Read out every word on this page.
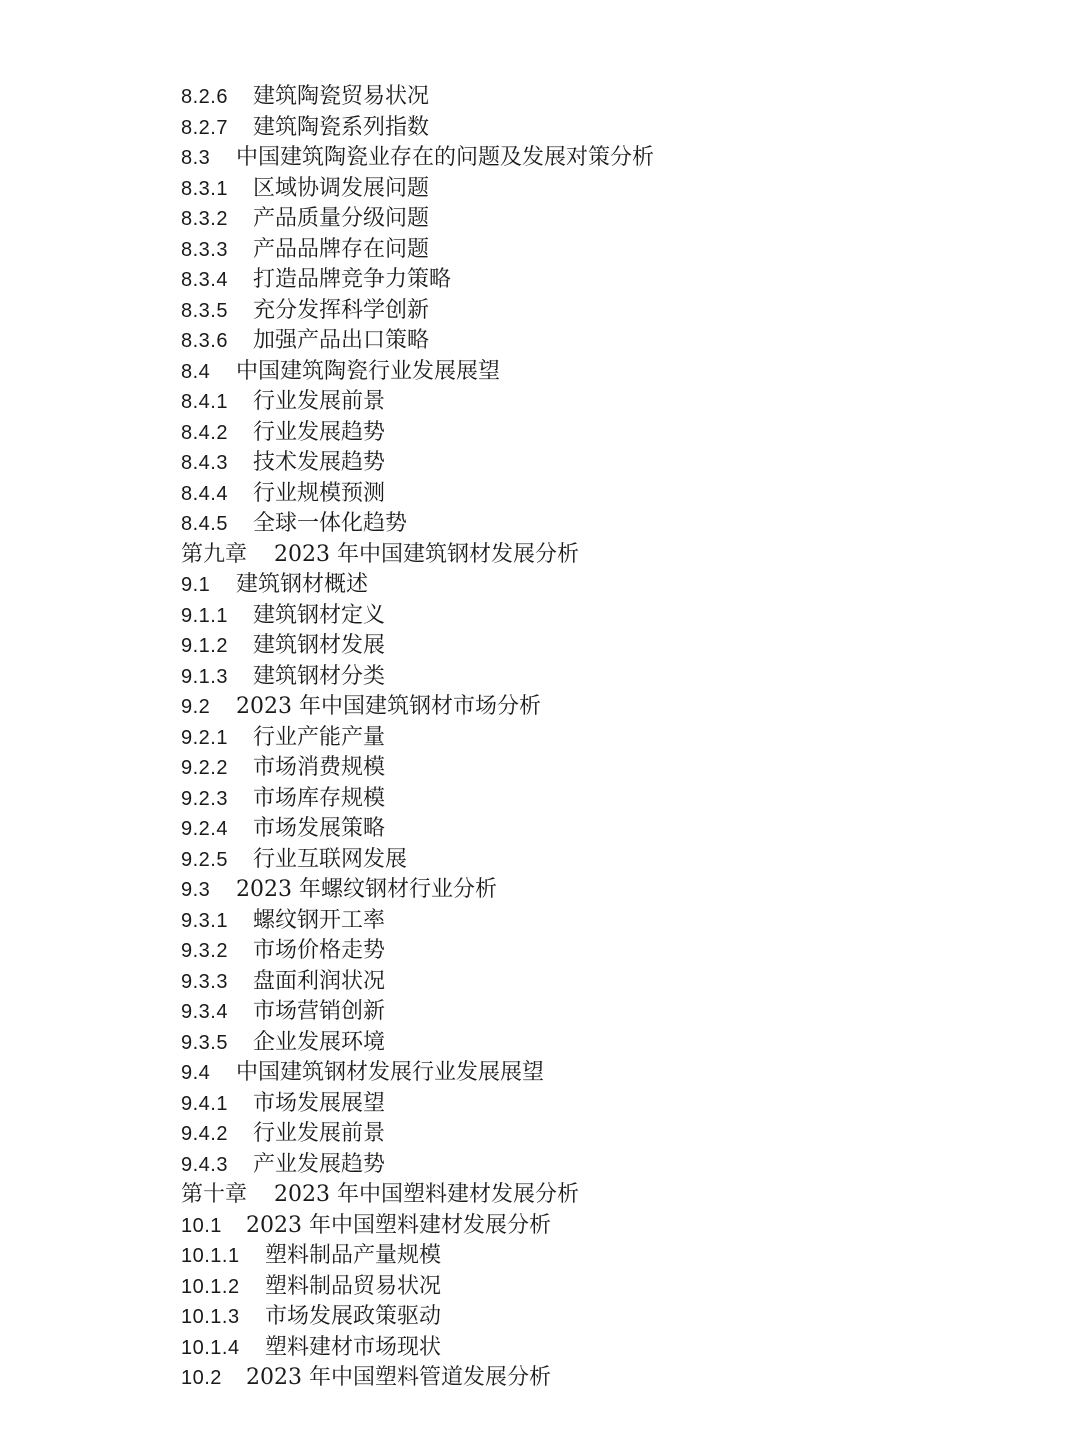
8.2.6 建筑陶瓷贸易状况
8.2.7 建筑陶瓷系列指数
8.3 中国建筑陶瓷业存在的问题及发展对策分析
8.3.1 区域协调发展问题
8.3.2 产品质量分级问题
8.3.3 产品品牌存在问题
8.3.4 打造品牌竞争力策略
8.3.5 充分发挥科学创新
8.3.6 加强产品出口策略
8.4 中国建筑陶瓷行业发展展望
8.4.1 行业发展前景
8.4.2 行业发展趋势
8.4.3 技术发展趋势
8.4.4 行业规模预测
8.4.5 全球一体化趋势
第九章 2023 年中国建筑钢材发展分析
9.1 建筑钢材概述
9.1.1 建筑钢材定义
9.1.2 建筑钢材发展
9.1.3 建筑钢材分类
9.2 2023 年中国建筑钢材市场分析
9.2.1 行业产能产量
9.2.2 市场消费规模
9.2.3 市场库存规模
9.2.4 市场发展策略
9.2.5 行业互联网发展
9.3 2023 年螺纹钢材行业分析
9.3.1 螺纹钢开工率
9.3.2 市场价格走势
9.3.3 盘面利润状况
9.3.4 市场营销创新
9.3.5 企业发展环境
9.4 中国建筑钢材发展行业发展展望
9.4.1 市场发展展望
9.4.2 行业发展前景
9.4.3 产业发展趋势
第十章 2023 年中国塑料建材发展分析
10.1 2023 年中国塑料建材发展分析
10.1.1 塑料制品产量规模
10.1.2 塑料制品贸易状况
10.1.3 市场发展政策驱动
10.1.4 塑料建材市场现状
10.2 2023 年中国塑料管道发展分析
